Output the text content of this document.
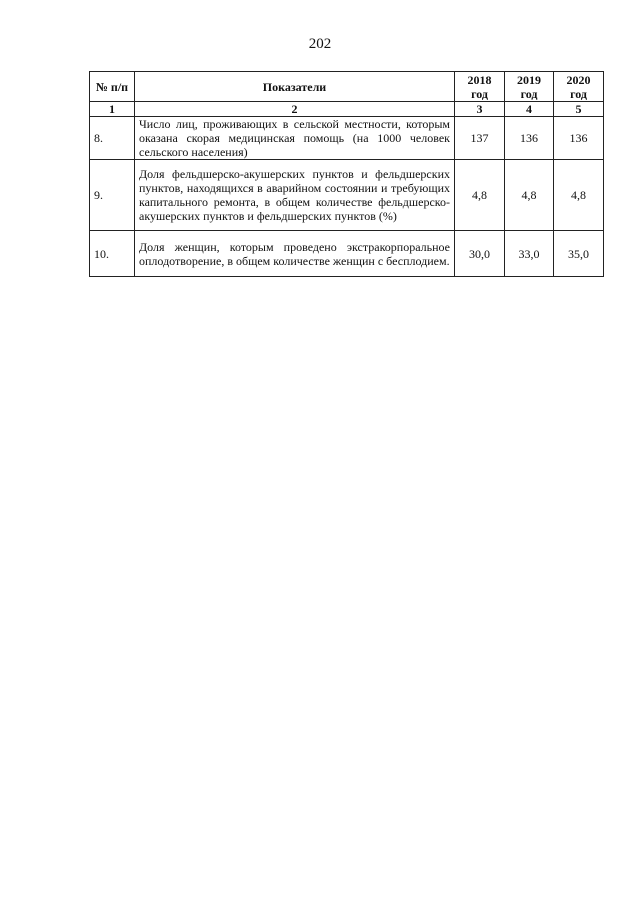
202
№ п/п	Показатели	2018 год	2019 год	2020 год
1	2	3	4	5
8.	Число лиц, проживающих в сельской местности, которым оказана скорая медицинская помощь (на 1000 человек сельского населения)	137	136	136
9.	Доля фельдшерско-акушерских пунктов и фельдшерских пунктов, находящихся в аварийном состоянии и требующих капитального ремонта, в общем количестве фельдшерско-акушерских пунктов и фельдшерских пунктов (%)	4,8	4,8	4,8
10.	Доля женщин, которым проведено экстракорпоральное оплодотворение, в общем количестве женщин с бесплодием.	30,0	33,0	35,0
